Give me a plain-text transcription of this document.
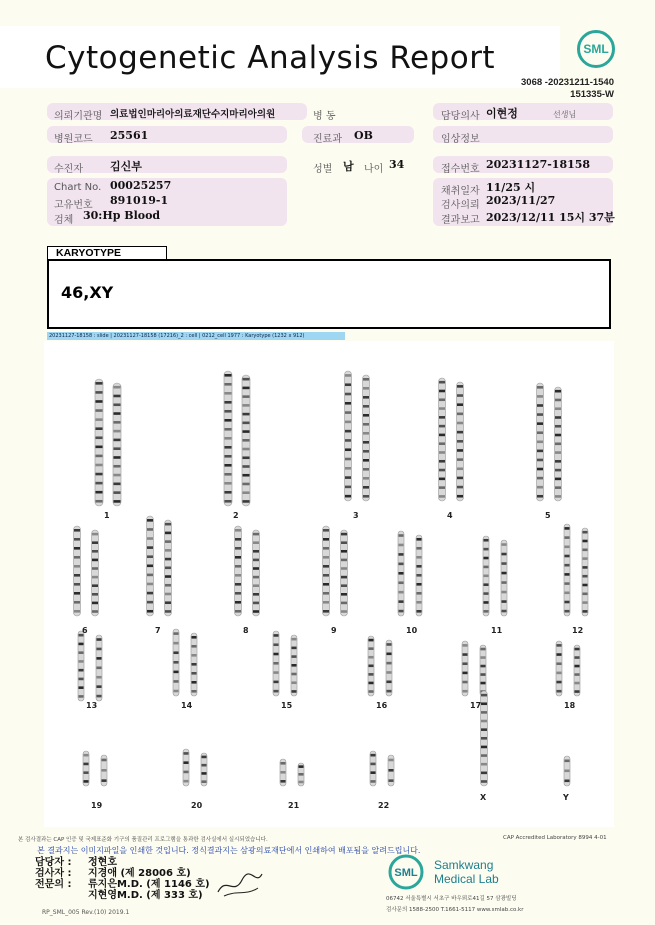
Cytogenetic Analysis Report	SML
3068 -20231211-1540
151335-W
의뢰기관명 의료법인마리아의료재단수지마리아의원	병 동	담당의사 이현정	선생님
병원코드 25561	진료과 OB	임상정보
수진자 김신부	성별 남 나이 34	접수번호 20231127-18158
Chart No. 00025257
고유번호 891019-1
검체 30:Hp Blood
채취일자 11/25 시
검사의뢰 2023/11/27
결과보고 2023/12/11 15시 37분
KARYOTYPE
46,XY
20231127-18158 : slide | 20231127-18158 (17216)_2 : cell | 0212_cell 1977 : Karyotype (1232 x 912)
1	2	3	4	5
6	7	8	9	10	11	12
13	14	15	16	17	18
19	20	21	22
X	Y
본 검사결과는 CAP 인증 및 국제표준화 기구의 품질관리 프로그램을 통과한 검사실에서 실시되었습니다.	CAP Accredited Laboratory 8994 4-01
본 결과지는 이미지파일을 인쇄한 것입니다. 정식결과지는 삼광의료재단에서 인쇄하여 배포됨을 알려드립니다.
담당자 : 정현호
검사자 : 지경애 (제 28006 호)
전문의 : 류지은M.D. (제 1146 호)
지현영M.D. (제 333 호)
SML
Samkwang
Medical Lab
06742 서울특별시 서초구 바우뫼로41길 57 삼광빌딩
검사문의 1588-2500 T.1661-5117 www.smlab.co.kr
RP_SML_005 Rev.(10) 2019.1
